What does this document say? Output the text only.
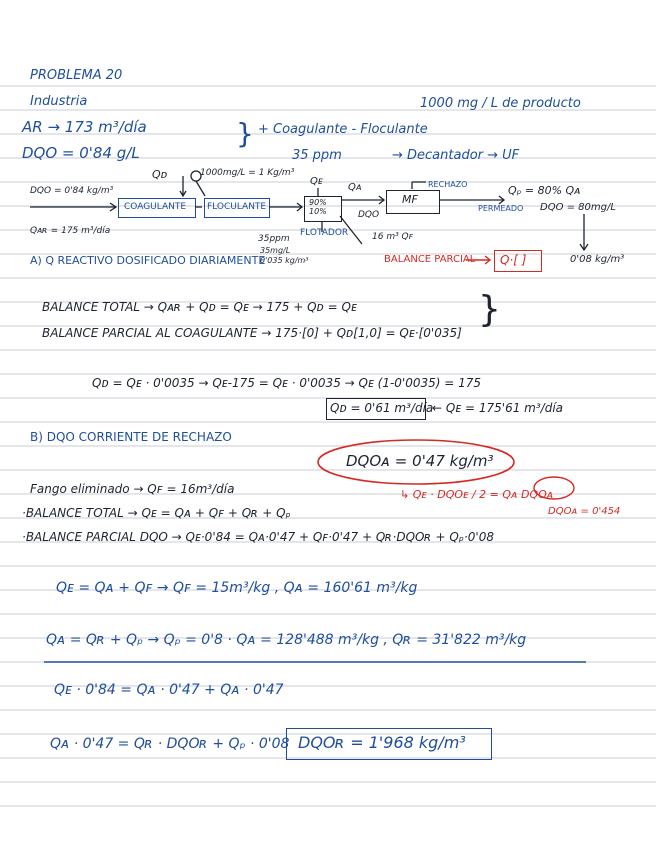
PROBLEMA 20
Industria	1000 mg / L de producto
AR → 173 m³/día
DQO = 0'84 g/L
} + Coagulante - Floculante
35 ppm	→ Decantador → UF
Qᴅ	1000mg/L = 1 Kg/m³
DQO = 0'84 kg/m³
Qᴀʀ = 175 m³/día
COAGULANTE FLOCULANTE
Qᴇ
Qᴀ
90% 10%
FLOTADOR
35ppm
35mg/L 0'035 kg/m³
DQO
16 m³ Qꜰ
MF
RECHAZO	Qₚ = 80% Qᴀ
PERMEADO DQO = 80mg/L
0'08 kg/m³
A) Q REACTIVO DOSIFICADO DIARIAMENTE	BALANCE PARCIAL Q·[ ]
BALANCE TOTAL → Qᴀʀ + Qᴅ = Qᴇ → 175 + Qᴅ = Qᴇ
BALANCE PARCIAL AL COAGULANTE → 175·[0] + Qᴅ[1,0] = Qᴇ·[0'035]
}
Qᴅ = Qᴇ · 0'0035 → Qᴇ-175 = Qᴇ · 0'0035 → Qᴇ (1-0'0035) = 175
Qᴅ = 0'61 m³/día
← Qᴇ = 175'61 m³/día
B) DQO CORRIENTE DE RECHAZO
DQOᴀ = 0'47 kg/m³
Fango eliminado → Qꜰ = 16m³/día	↳ Qᴇ · DQOᴇ / 2 = Qᴀ DQOᴀ
DQOᴀ = 0'454
·BALANCE TOTAL → Qᴇ = Qᴀ + Qꜰ + Qʀ + Qₚ
·BALANCE PARCIAL DQO → Qᴇ·0'84 = Qᴀ·0'47 + Qꜰ·0'47 + Qʀ·DQOʀ + Qₚ·0'08
Qᴇ = Qᴀ + Qꜰ → Qꜰ = 15m³/kg , Qᴀ = 160'61 m³/kg
Qᴀ = Qʀ + Qₚ → Qₚ = 0'8 · Qᴀ = 128'488 m³/kg , Qʀ = 31'822 m³/kg
Qᴇ · 0'84 = Qᴀ · 0'47 + Qᴀ · 0'47
Qᴀ · 0'47 = Qʀ · DQOʀ + Qₚ · 0'08 DQOʀ = 1'968 kg/m³
